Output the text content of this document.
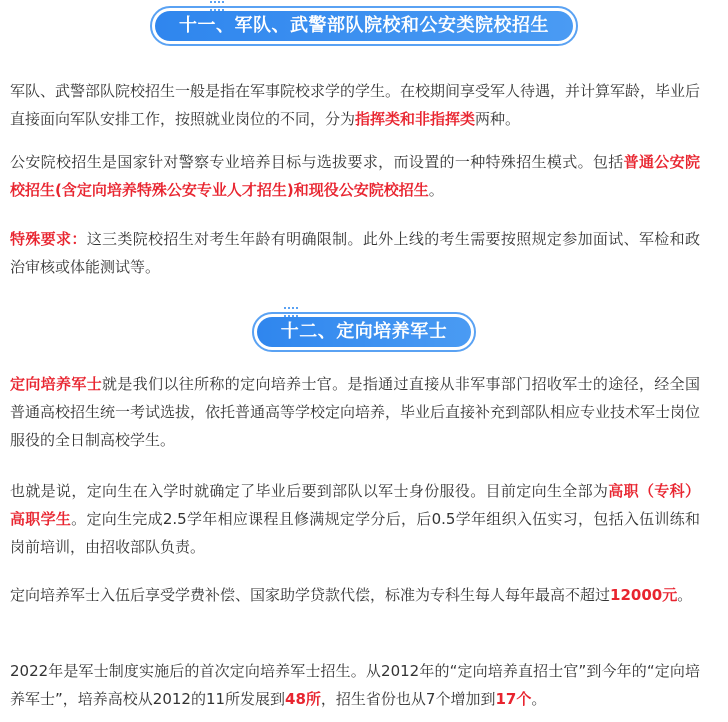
十一、军队、武警部队院校和公安类院校招生

军队、武警部队院校招生一般是指在军事院校求学的学生。在校期间享受军人待遇，并计算军龄，毕业后直接面向军队安排工作，按照就业岗位的不同，分为指挥类和非指挥类两种。

公安院校招生是国家针对警察专业培养目标与选拔要求，而设置的一种特殊招生模式。包括普通公安院校招生(含定向培养特殊公安专业人才招生)和现役公安院校招生。

特殊要求：这三类院校招生对考生年龄有明确限制。此外上线的考生需要按照规定参加面试、军检和政治审核或体能测试等。

十二、定向培养军士

定向培养军士就是我们以往所称的定向培养士官。是指通过直接从非军事部门招收军士的途径，经全国普通高校招生统一考试选拔，依托普通高等学校定向培养，毕业后直接补充到部队相应专业技术军士岗位服役的全日制高校学生。

也就是说，定向生在入学时就确定了毕业后要到部队以军士身份服役。目前定向生全部为高职（专科）高职学生。定向生完成2.5学年相应课程且修满规定学分后，后0.5学年组织入伍实习，包括入伍训练和岗前培训，由招收部队负责。

定向培养军士入伍后享受学费补偿、国家助学贷款代偿，标准为专科生每人每年最高不超过12000元。

2022年是军士制度实施后的首次定向培养军士招生。从2012年的“定向培养直招士官”到今年的“定向培养军士”，培养高校从2012的11所发展到48所，招生省份也从7个增加到17个。
